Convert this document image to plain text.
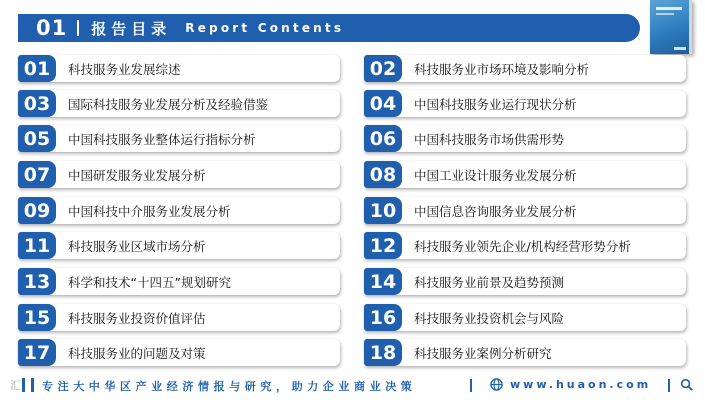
01 报告目录 Report Contents
01	科技服务业发展综述	02	科技服务业市场环境及影响分析
03	国际科技服务业发展分析及经验借鉴	04	中国科技服务业运行现状分析
05	中国科技服务业整体运行指标分析	06	中国科技服务市场供需形势
07	中国研发服务业发展分析	08	中国工业设计服务业发展分析
09	中国科技中介服务业发展分析	10	中国信息咨询服务业发展分析
11	科技服务业区域市场分析	12	科技服务业领先企业/机构经营形势分析
13	科学和技术“十四五”规划研究	14	科技服务业前景及趋势预测
15	科技服务业投资价值评估	16	科技服务业投资机会与风险
17	科技服务业的问题及对策	18	科技服务业案例分析研究
汇 专注大中华区产业经济情报与研究，助力企业商业决策	www.huaon.com
